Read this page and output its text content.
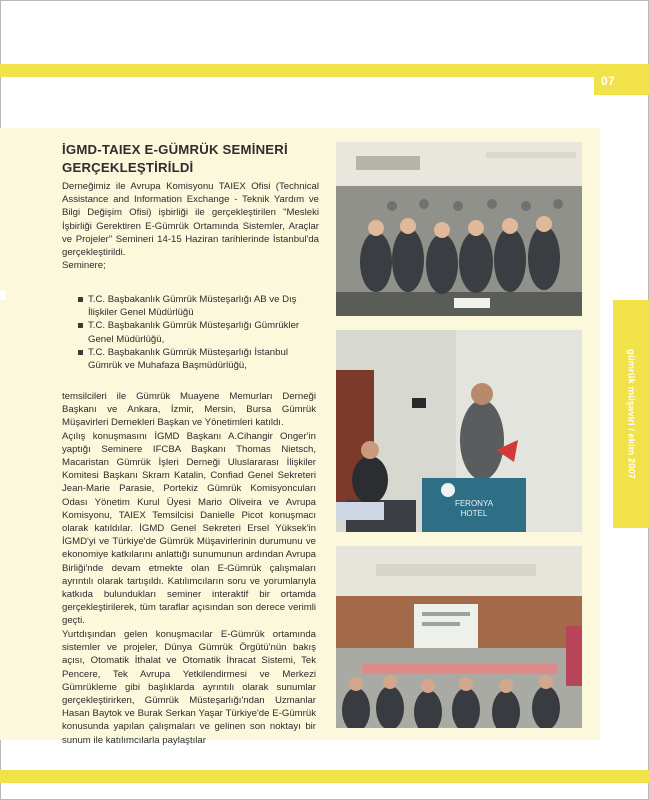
07
gümrük müşaviri / ekim 2007
İGMD-TAIEX E-GÜMRÜK SEMİNERİ GERÇEKLEŞTİRİLDİ

Derneğimiz ile Avrupa Komisyonu TAIEX Ofisi (Technical Assistance and Information Exchange - Teknik Yardım ve Bilgi Değişim Ofisi) işbirliği ile gerçekleştirilen "Mesleki İşbirliği Gerektiren E-Gümrük Ortamında Sistemler, Araçlar ve Projeler" Semineri 14-15 Haziran tarihlerinde İstanbul'da gerçekleştirildi.

Seminere;

T.C. Başbakanlık Gümrük Müsteşarlığı AB ve Dış İlişkiler Genel Müdürlüğü
T.C. Başbakanlık Gümrük Müsteşarlığı Gümrükler Genel Müdürlüğü,
T.C. Başbakanlık Gümrük Müsteşarlığı İstanbul Gümrük ve Muhafaza Başmüdürlüğü,

temsilcileri ile Gümrük Muayene Memurları Derneği Başkanı ve Ankara, İzmir, Mersin, Bursa Gümrük Müşavirleri Dernekleri Başkan ve Yönetimleri katıldı.

Açılış konuşmasını İGMD Başkanı A.Cihangir Onger'in yaptığı Seminere IFCBA Başkanı Thomas Nietsch, Macaristan Gümrük İşleri Derneği Uluslararası İlişkiler Komitesi Başkanı Skram Katalin, Confiad Genel Sekreteri Jean-Marie Parasie, Portekiz Gümrük Komisyoncuları Odası Yönetim Kurul Üyesi Mario Oliveira ve Avrupa Komisyonu, TAIEX Temsilcisi Danielle Picot konuşmacı olarak katıldılar. İGMD Genel Sekreteri Ersel Yüksek'in İGMD'yi ve Türkiye'de Gümrük Müşavirlerinin durumunu ve ekonomiye katkılarını anlattığı sunumunun ardından Avrupa Birliği'nde devam etmekte olan E-Gümrük çalışmaları ayrıntılı olarak tartışıldı. Katılımcıların soru ve yorumlarıyla katkıda bulundukları seminer interaktif bir ortamda gerçekleştirilerek, tüm taraflar açısından son derece verimli geçti.

Yurtdışından gelen konuşmacılar E-Gümrük ortamında sistemler ve projeler, Dünya Gümrük Örgütü'nün bakış açısı, Otomatik İthalat ve Otomatik İhracat Sistemi, Tek Pencere, Tek Avrupa Yetkilendirmesi ve Merkezi Gümrükleme gibi başlıklarda ayrıntılı olarak sunumlar gerçekleştirirken, Gümrük Müsteşarlığı'ndan Uzmanlar Hasan Baytok ve Burak Serkan Yaşar Türkiye'de E-Gümrük konusunda yapılan çalışmaları ve gelinen son noktayı bir sunum ile katılımcılarla paylaştılar

FERONYA
HOTEL
